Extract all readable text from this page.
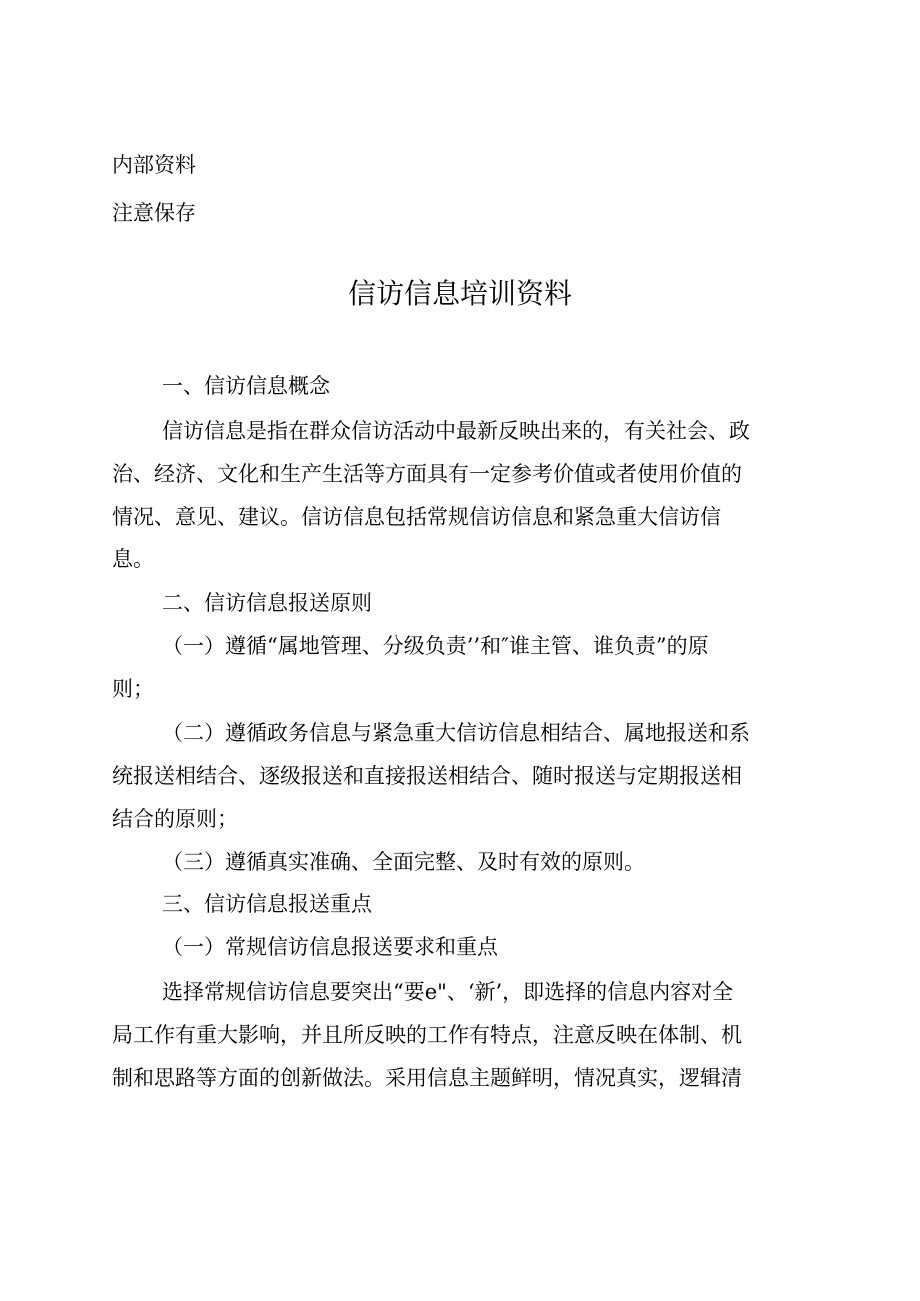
内部资料
注意保存
信访信息培训资料
一、信访信息概念
信访信息是指在群众信访活动中最新反映出来的，有关社会、政
治、经济、文化和生产生活等方面具有一定参考价值或者使用价值的
情况、意见、建议。信访信息包括常规信访信息和紧急重大信访信
息。
二、信访信息报送原则
（一）遵循“属地管理、分级负责’’和″谁主管、谁负责”的原
则；
（二）遵循政务信息与紧急重大信访信息相结合、属地报送和系
统报送相结合、逐级报送和直接报送相结合、随时报送与定期报送相
结合的原则；
（三）遵循真实准确、全面完整、及时有效的原则。
三、信访信息报送重点
（一）常规信访信息报送要求和重点
选择常规信访信息要突出“要e"、‘新’，即选择的信息内容对全
局工作有重大影响，并且所反映的工作有特点，注意反映在体制、机
制和思路等方面的创新做法。采用信息主题鲜明，情况真实，逻辑清
